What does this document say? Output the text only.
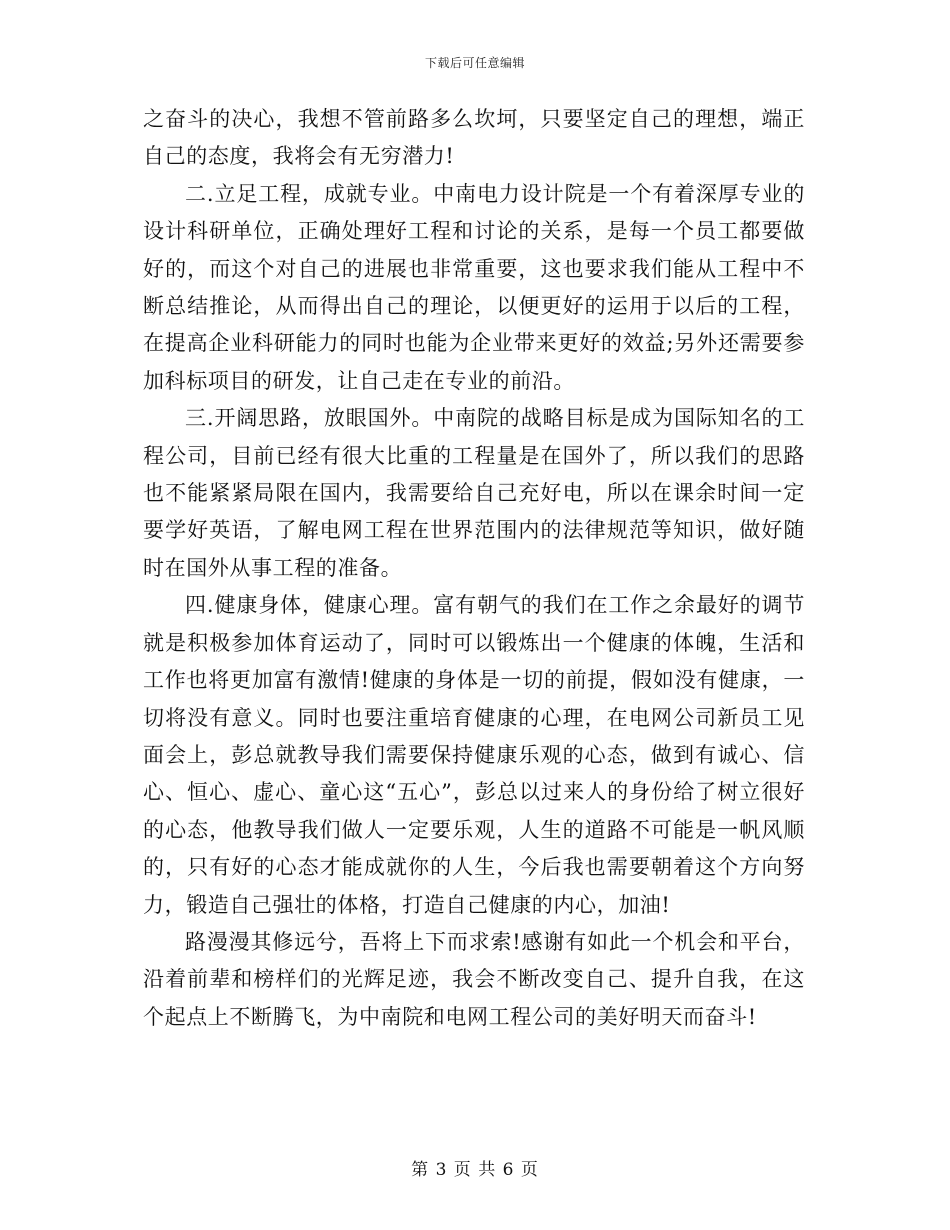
下载后可任意编辑

之奋斗的决心，我想不管前路多么坎坷，只要坚定自己的理想，端正自己的态度，我将会有无穷潜力!

二.立足工程，成就专业。中南电力设计院是一个有着深厚专业的设计科研单位，正确处理好工程和讨论的关系，是每一个员工都要做好的，而这个对自己的进展也非常重要，这也要求我们能从工程中不断总结推论，从而得出自己的理论，以便更好的运用于以后的工程，在提高企业科研能力的同时也能为企业带来更好的效益;另外还需要参加科标项目的研发，让自己走在专业的前沿。

三.开阔思路，放眼国外。中南院的战略目标是成为国际知名的工程公司，目前已经有很大比重的工程量是在国外了，所以我们的思路也不能紧紧局限在国内，我需要给自己充好电，所以在课余时间一定要学好英语，了解电网工程在世界范围内的法律规范等知识，做好随时在国外从事工程的准备。

四.健康身体，健康心理。富有朝气的我们在工作之余最好的调节就是积极参加体育运动了，同时可以锻炼出一个健康的体魄，生活和工作也将更加富有激情!健康的身体是一切的前提，假如没有健康，一切将没有意义。同时也要注重培育健康的心理，在电网公司新员工见面会上，彭总就教导我们需要保持健康乐观的心态，做到有诚心、信心、恒心、虚心、童心这“五心”，彭总以过来人的身份给了树立很好的心态，他教导我们做人一定要乐观，人生的道路不可能是一帆风顺的，只有好的心态才能成就你的人生，今后我也需要朝着这个方向努力，锻造自己强壮的体格，打造自己健康的内心，加油!

路漫漫其修远兮，吾将上下而求索!感谢有如此一个机会和平台，沿着前辈和榜样们的光辉足迹，我会不断改变自己、提升自我，在这个起点上不断腾飞，为中南院和电网工程公司的美好明天而奋斗!

第 3 页 共 6 页
